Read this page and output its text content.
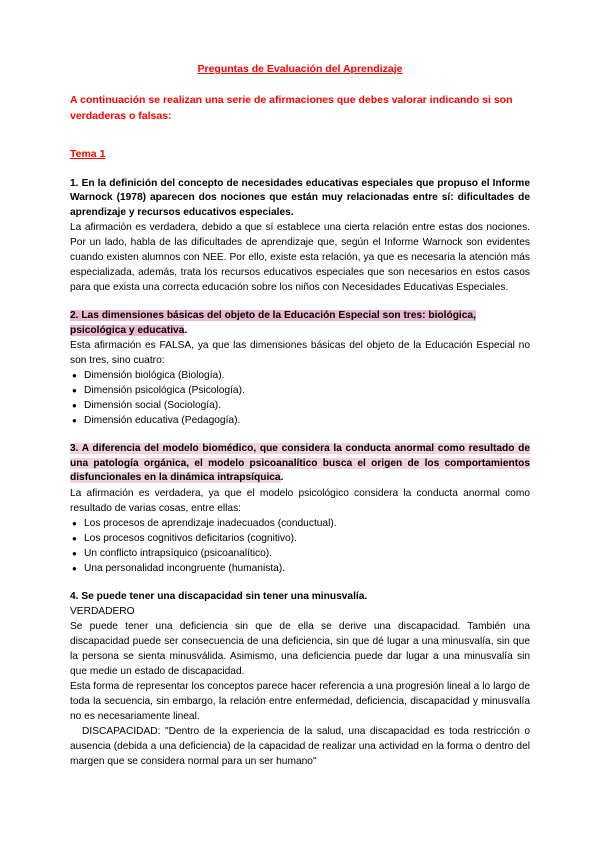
Preguntas de Evaluación del Aprendizaje
A continuación se realizan una serie de afirmaciones que debes valorar indicando si son verdaderas o falsas:
Tema 1

1. En la definición del concepto de necesidades educativas especiales que propuso el Informe Warnock (1978) aparecen dos nociones que están muy relacionadas entre sí: dificultades de aprendizaje y recursos educativos especiales.

La afirmación es verdadera, debido a que sí establece una cierta relación entre estas dos nociones. Por un lado, habla de las dificultades de aprendizaje que, según el Informe Warnock son evidentes cuando existen alumnos con NEE. Por ello, existe esta relación, ya que es necesaria la atención más especializada, además, trata los recursos educativos especiales que son necesarios en estos casos para que exista una correcta educación sobre los niños con Necesidades Educativas Especiales.

2. Las dimensiones básicas del objeto de la Educación Especial son tres: biológica, psicológica y educativa.

Esta afirmación es FALSA, ya que las dimensiones básicas del objeto de la Educación Especial no son tres, sino cuatro:

● Dimensión biológica (Biología).
● Dimensión psicológica (Psicología).
● Dimensión social (Sociología).
● Dimensión educativa (Pedagogía).

3. A diferencia del modelo biomédico, que considera la conducta anormal como resultado de una patología orgánica, el modelo psicoanalítico busca el origen de los comportamientos disfuncionales en la dinámica intrapsíquica.

La afirmación es verdadera, ya que el modelo psicológico considera la conducta anormal como resultado de varias cosas, entre ellas:

● Los procesos de aprendizaje inadecuados (conductual).
● Los procesos cognitivos deficitarios (cognitivo).
● Un conflicto intrapsíquico (psicoanalítico).
● Una personalidad incongruente (humanista).

4. Se puede tener una discapacidad sin tener una minusvalía.

VERDADERO

Se puede tener una deficiencia sin que de ella se derive una discapacidad. También una discapacidad puede ser consecuencia de una deficiencia, sin que dé lugar a una minusvalía, sin que la persona se sienta minusválida. Asimismo, una deficiencia puede dar lugar a una minusvalía sin que medie un estado de discapacidad.

Esta forma de representar los conceptos parece hacer referencia a una progresión lineal a lo largo de toda la secuencia, sin embargo, la relación entre enfermedad, deficiencia, discapacidad y minusvalía no es necesariamente lineal.

DISCAPACIDAD: "Dentro de la experiencia de la salud, una discapacidad es toda restricción o ausencia (debida a una deficiencia) de la capacidad de realizar una actividad en la forma o dentro del margen que se considera normal para un ser humano"
